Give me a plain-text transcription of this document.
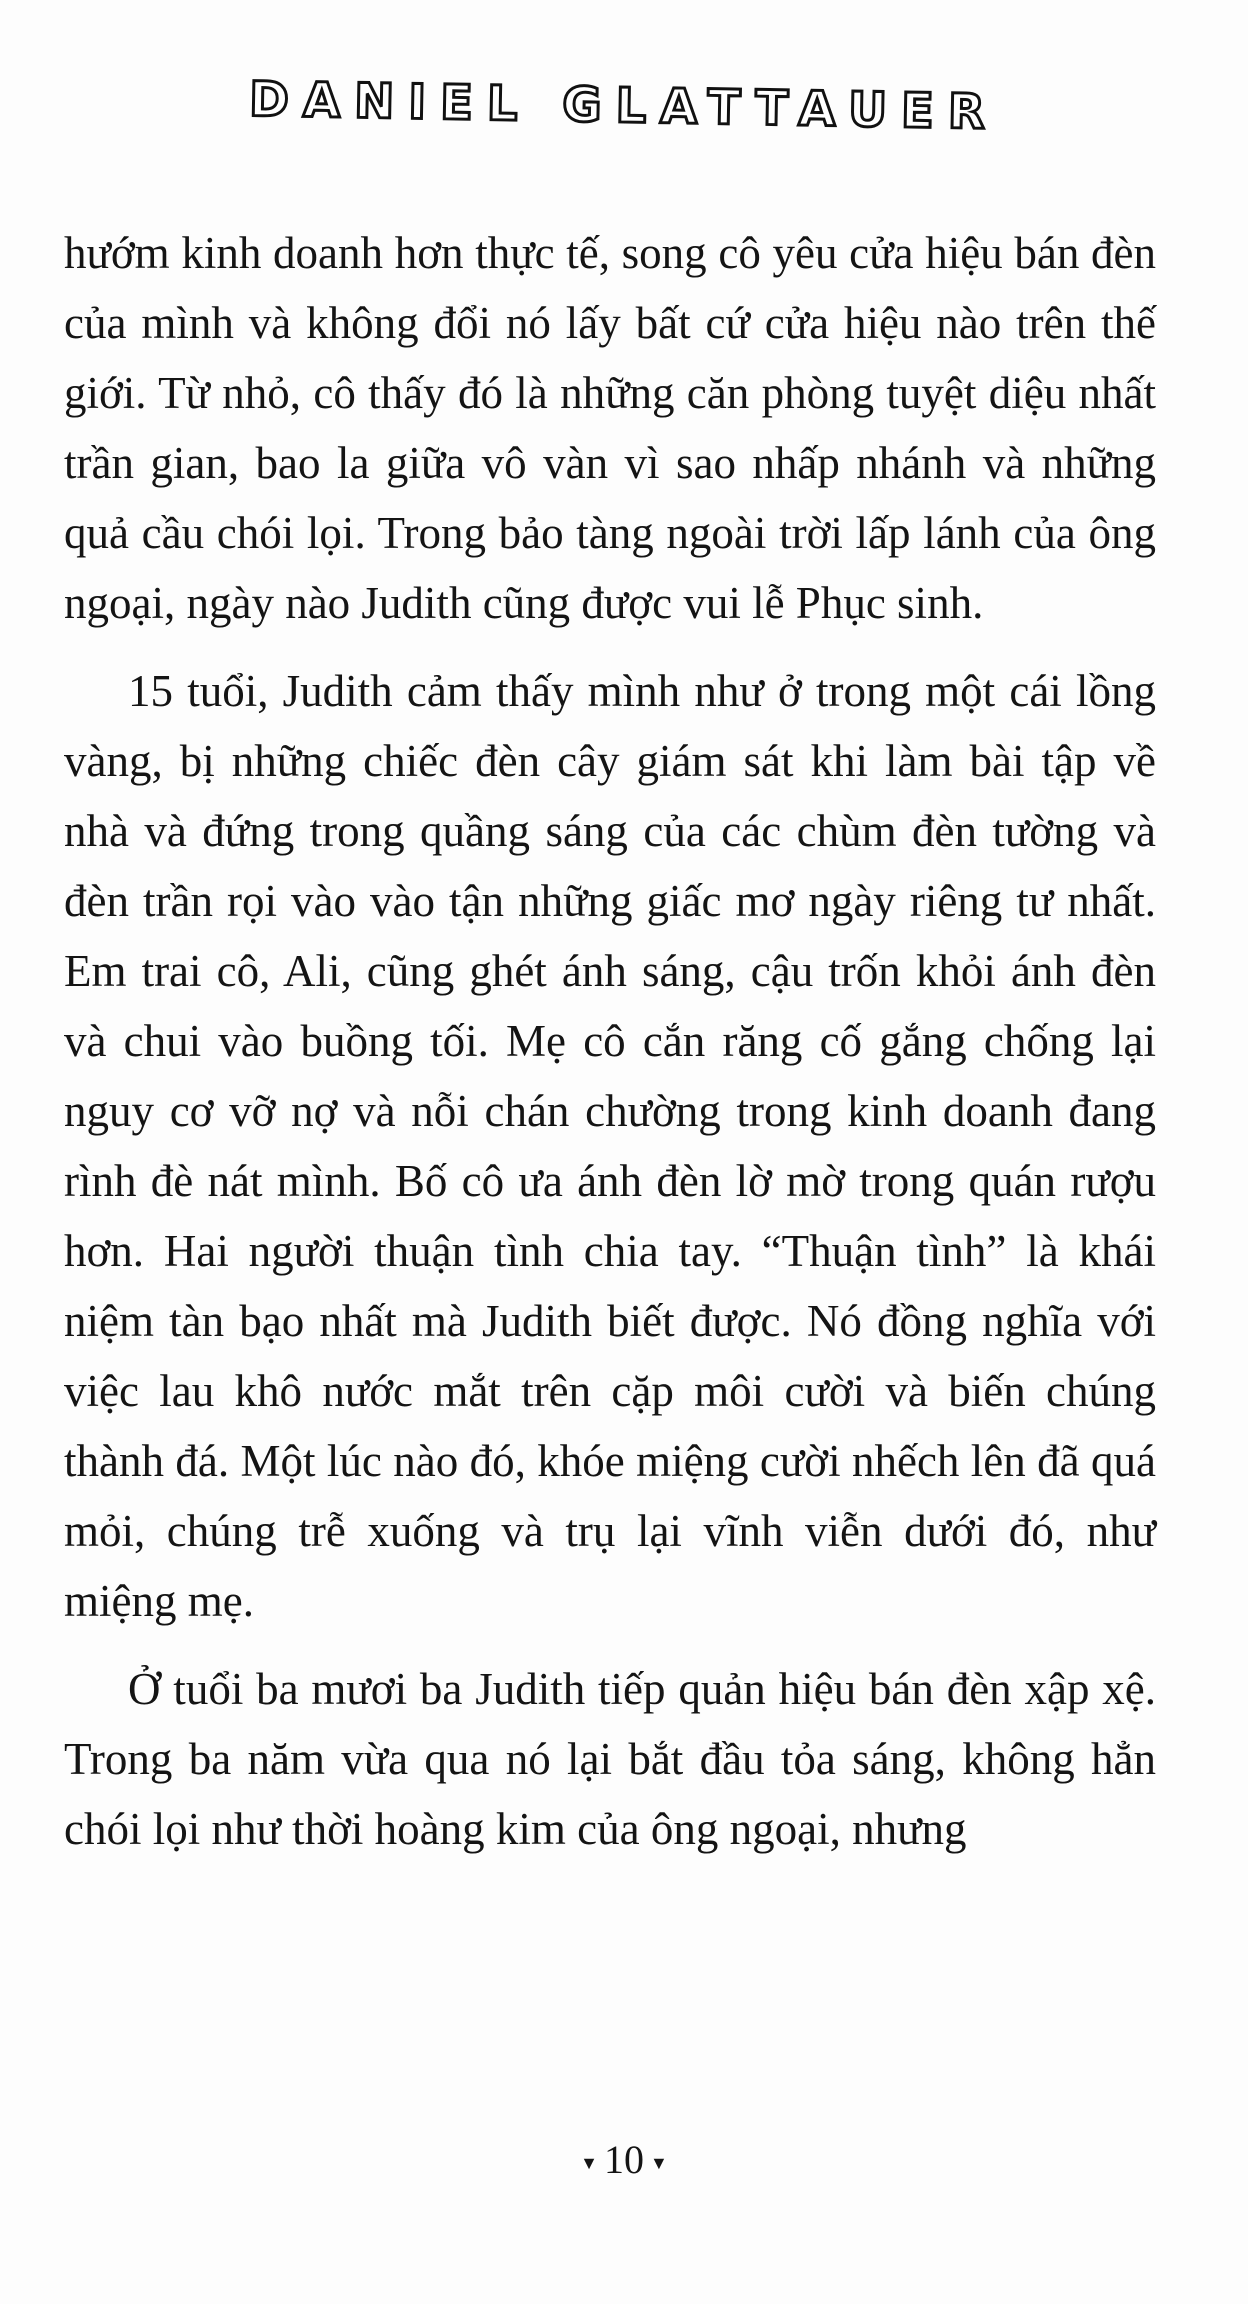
DANIEL GLATTAUER

hướm kinh doanh hơn thực tế, song cô yêu cửa hiệu bán đèn của mình và không đổi nó lấy bất cứ cửa hiệu nào trên thế giới. Từ nhỏ, cô thấy đó là những căn phòng tuyệt diệu nhất trần gian, bao la giữa vô vàn vì sao nhấp nhánh và những quả cầu chói lọi. Trong bảo tàng ngoài trời lấp lánh của ông ngoại, ngày nào Judith cũng được vui lễ Phục sinh.

15 tuổi, Judith cảm thấy mình như ở trong một cái lồng vàng, bị những chiếc đèn cây giám sát khi làm bài tập về nhà và đứng trong quầng sáng của các chùm đèn tường và đèn trần rọi vào vào tận những giấc mơ ngày riêng tư nhất. Em trai cô, Ali, cũng ghét ánh sáng, cậu trốn khỏi ánh đèn và chui vào buồng tối. Mẹ cô cắn răng cố gắng chống lại nguy cơ vỡ nợ và nỗi chán chường trong kinh doanh đang rình đè nát mình. Bố cô ưa ánh đèn lờ mờ trong quán rượu hơn. Hai người thuận tình chia tay. “Thuận tình” là khái niệm tàn bạo nhất mà Judith biết được. Nó đồng nghĩa với việc lau khô nước mắt trên cặp môi cười và biến chúng thành đá. Một lúc nào đó, khóe miệng cười nhếch lên đã quá mỏi, chúng trễ xuống và trụ lại vĩnh viễn dưới đó, như miệng mẹ.

Ở tuổi ba mươi ba Judith tiếp quản hiệu bán đèn xập xệ. Trong ba năm vừa qua nó lại bắt đầu tỏa sáng, không hẳn chói lọi như thời hoàng kim của ông ngoại, nhưng

▼ 10 ▼
